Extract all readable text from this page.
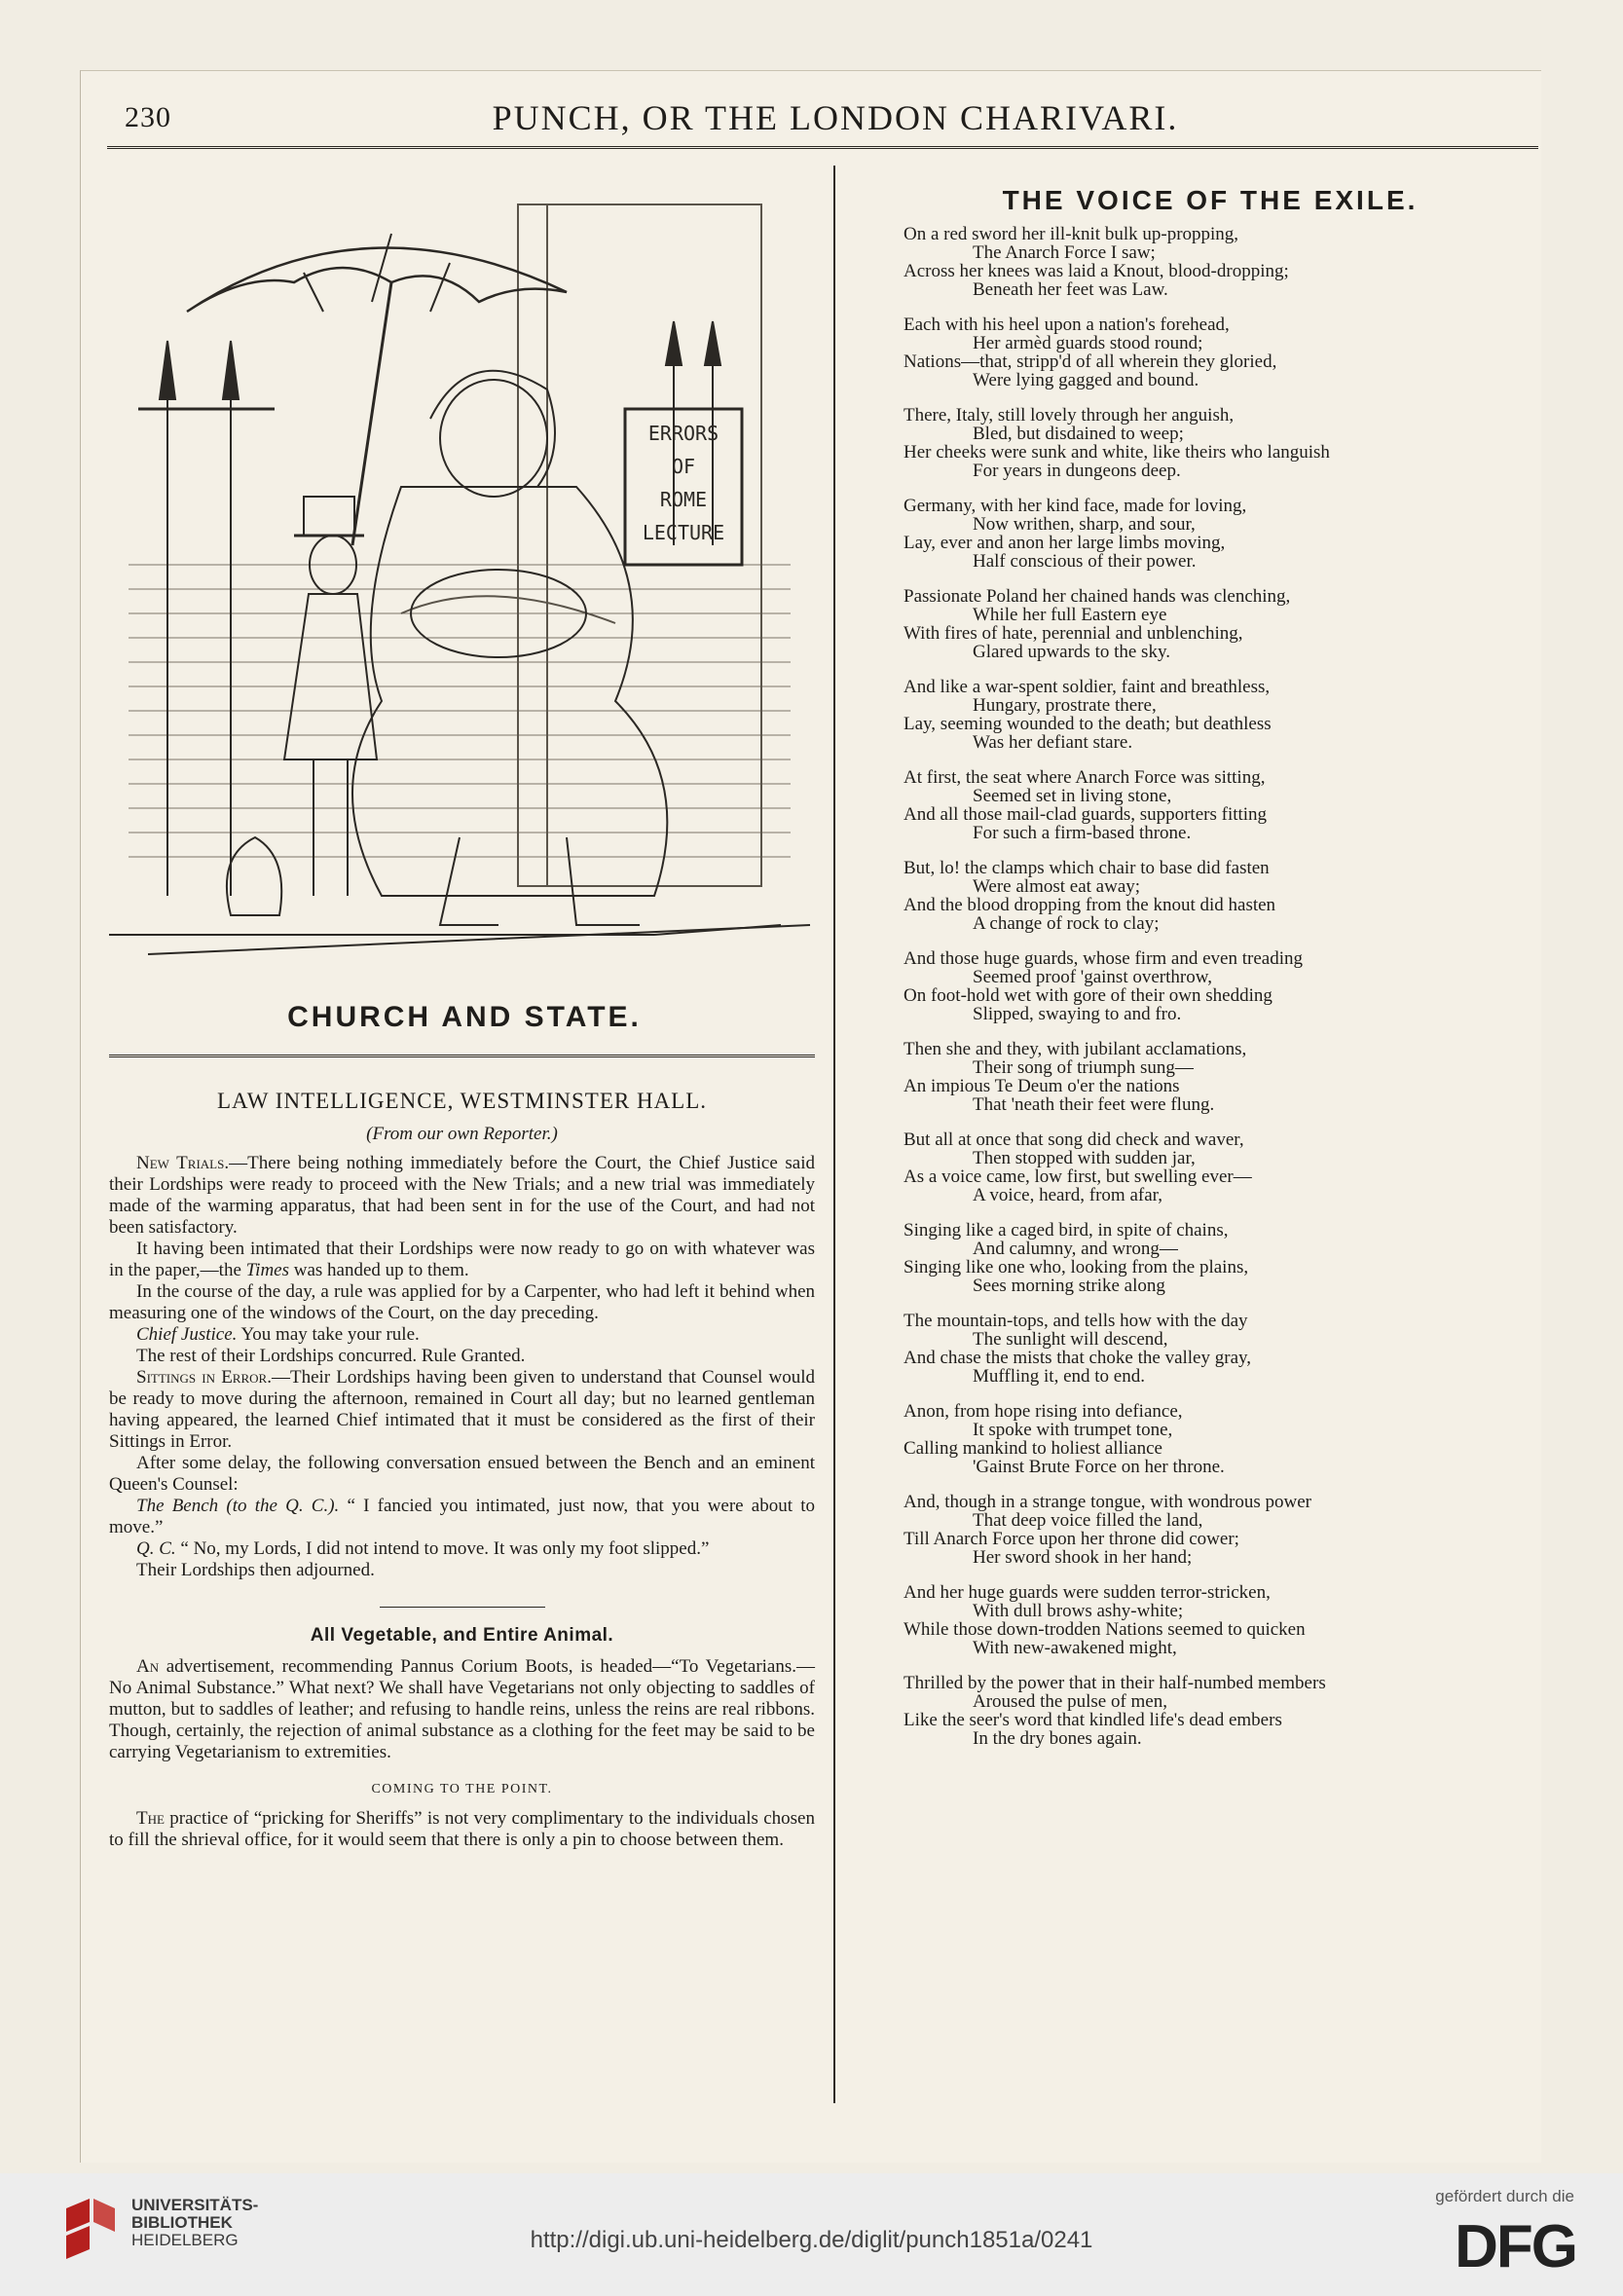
230	PUNCH, OR THE LONDON CHARIVARI.
ERRORS
OF
ROME
LECTURE
CHURCH AND STATE.
LAW INTELLIGENCE, WESTMINSTER HALL.
(From our own Reporter.)

New Trials.—There being nothing immediately before the Court, the Chief Justice said their Lordships were ready to proceed with the New Trials; and a new trial was immediately made of the warming apparatus, that had been sent in for the use of the Court, and had not been satisfactory.

It having been intimated that their Lordships were now ready to go on with whatever was in the paper,—the Times was handed up to them.

In the course of the day, a rule was applied for by a Carpenter, who had left it behind when measuring one of the windows of the Court, on the day preceding.

Chief Justice. You may take your rule.

The rest of their Lordships concurred. Rule Granted.

Sittings in Error.—Their Lordships having been given to understand that Counsel would be ready to move during the afternoon, remained in Court all day; but no learned gentleman having appeared, the learned Chief intimated that it must be considered as the first of their Sittings in Error.

After some delay, the following conversation ensued between the Bench and an eminent Queen's Counsel:

The Bench (to the Q. C.). “ I fancied you intimated, just now, that you were about to move.”

Q. C. “ No, my Lords, I did not intend to move. It was only my foot slipped.”

Their Lordships then adjourned.

All Vegetable, and Entire Animal.

An advertisement, recommending Pannus Corium Boots, is headed—“To Vegetarians.—No Animal Substance.” What next? We shall have Vegetarians not only objecting to saddles of mutton, but to saddles of leather; and refusing to handle reins, unless the reins are real ribbons. Though, certainly, the rejection of animal substance as a clothing for the feet may be said to be carrying Vegetarianism to extremities.

COMING TO THE POINT.

The practice of “pricking for Sheriffs” is not very complimentary to the individuals chosen to fill the shrieval office, for it would seem that there is only a pin to choose between them.

THE VOICE OF THE EXILE.
On a red sword her ill-knit bulk up-propping,
The Anarch Force I saw;
Across her knees was laid a Knout, blood-dropping;
Beneath her feet was Law.
Each with his heel upon a nation's forehead,
Her armèd guards stood round;
Nations—that, stripp'd of all wherein they gloried,
Were lying gagged and bound.
There, Italy, still lovely through her anguish,
Bled, but disdained to weep;
Her cheeks were sunk and white, like theirs who languish
For years in dungeons deep.
Germany, with her kind face, made for loving,
Now writhen, sharp, and sour,
Lay, ever and anon her large limbs moving,
Half conscious of their power.
Passionate Poland her chained hands was clenching,
While her full Eastern eye
With fires of hate, perennial and unblenching,
Glared upwards to the sky.
And like a war-spent soldier, faint and breathless,
Hungary, prostrate there,
Lay, seeming wounded to the death; but deathless
Was her defiant stare.
At first, the seat where Anarch Force was sitting,
Seemed set in living stone,
And all those mail-clad guards, supporters fitting
For such a firm-based throne.
But, lo! the clamps which chair to base did fasten
Were almost eat away;
And the blood dropping from the knout did hasten
A change of rock to clay;
And those huge guards, whose firm and even treading
Seemed proof 'gainst overthrow,
On foot-hold wet with gore of their own shedding
Slipped, swaying to and fro.
Then she and they, with jubilant acclamations,
Their song of triumph sung—
An impious Te Deum o'er the nations
That 'neath their feet were flung.
But all at once that song did check and waver,
Then stopped with sudden jar,
As a voice came, low first, but swelling ever—
A voice, heard, from afar,
Singing like a caged bird, in spite of chains,
And calumny, and wrong—
Singing like one who, looking from the plains,
Sees morning strike along
The mountain-tops, and tells how with the day
The sunlight will descend,
And chase the mists that choke the valley gray,
Muffling it, end to end.
Anon, from hope rising into defiance,
It spoke with trumpet tone,
Calling mankind to holiest alliance
'Gainst Brute Force on her throne.
And, though in a strange tongue, with wondrous power
That deep voice filled the land,
Till Anarch Force upon her throne did cower;
Her sword shook in her hand;
And her huge guards were sudden terror-stricken,
With dull brows ashy-white;
While those down-trodden Nations seemed to quicken
With new-awakened might,
Thrilled by the power that in their half-numbed members
Aroused the pulse of men,
Like the seer's word that kindled life's dead embers
In the dry bones again.
UNIVERSITÄTS-
BIBLIOTHEK
HEIDELBERG	http://digi.ub.uni-heidelberg.de/diglit/punch1851a/0241
gefördert durch die
DFG
